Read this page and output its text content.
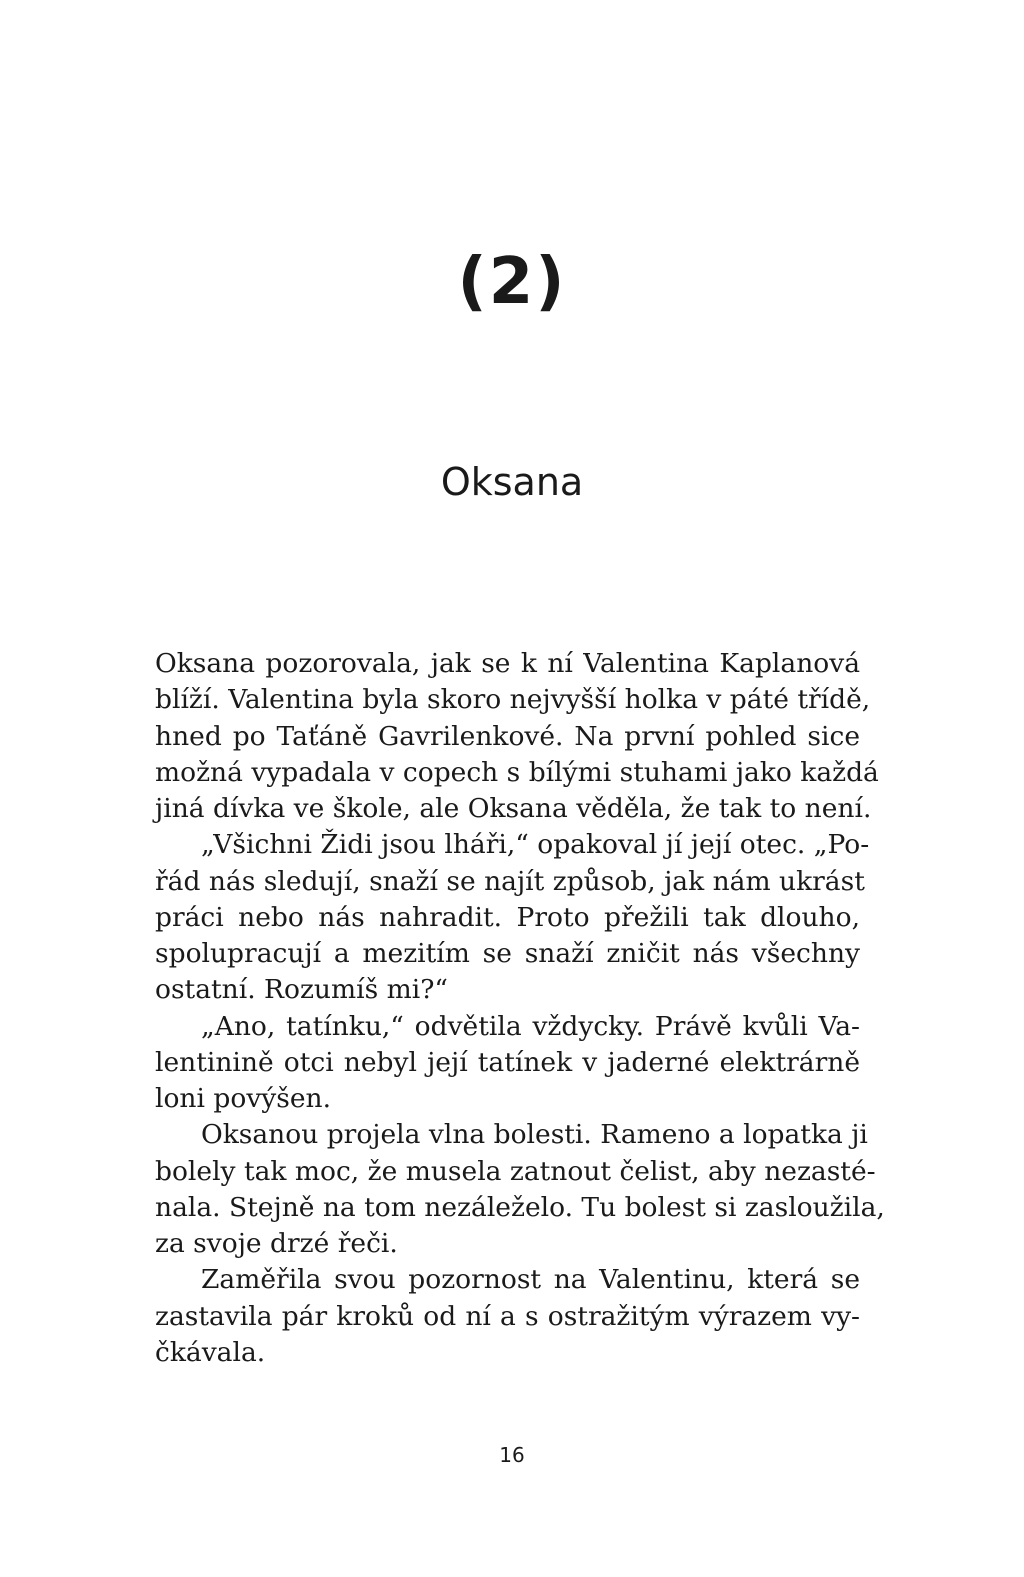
(2)
Oksana
Oksana pozorovala, jak se k ní Valentina Kaplanová
blíží. Valentina byla skoro nejvyšší holka v páté třídě,
hned po Taťáně Gavrilenkové. Na první pohled sice
možná vypadala v copech s bílými stuhami jako každá
jiná dívka ve škole, ale Oksana věděla, že tak to není.
„Všichni Židi jsou lháři,“ opakoval jí její otec. „Po-
řád nás sledují, snaží se najít způsob, jak nám ukrást
práci nebo nás nahradit. Proto přežili tak dlouho,
spolupracují a mezitím se snaží zničit nás všechny
ostatní. Rozumíš mi?“
„Ano, tatínku,“ odvětila vždycky. Právě kvůli Va-
lentinině otci nebyl její tatínek v jaderné elektrárně
loni povýšen.
Oksanou projela vlna bolesti. Rameno a lopatka ji
bolely tak moc, že musela zatnout čelist, aby nezasté-
nala. Stejně na tom nezáleželo. Tu bolest si zasloužila,
za svoje drzé řeči.
Zaměřila svou pozornost na Valentinu, která se
zastavila pár kroků od ní a s ostražitým výrazem vy-
čkávala.
16
